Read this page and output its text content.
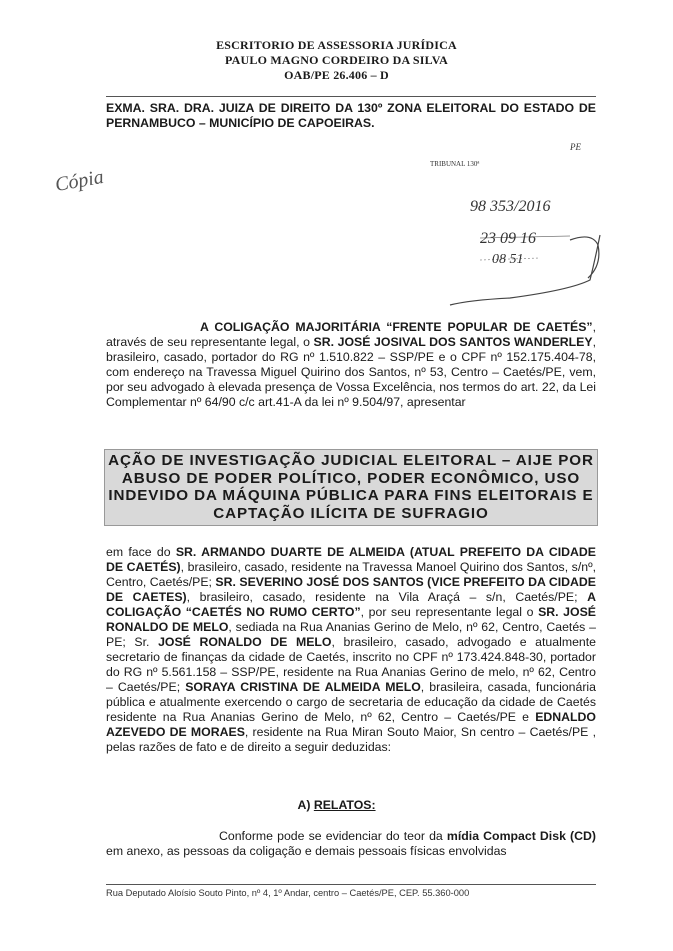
ESCRITORIO DE ASSESSORIA JURÍDICA
PAULO MAGNO CORDEIRO DA SILVA
OAB/PE 26.406 – D
EXMA. SRA. DRA. JUIZA DE DIREITO DA 130º ZONA ELEITORAL DO ESTADO DE PERNAMBUCO – MUNICÍPIO DE CAPOEIRAS.
Cópia
PE
TRIBUNAL 130ª
98 353/2016
23 09 16
08 51
A COLIGAÇÃO MAJORITÁRIA “FRENTE POPULAR DE CAETÉS”, através de seu representante legal, o SR. JOSÉ JOSIVAL DOS SANTOS WANDERLEY, brasileiro, casado, portador do RG nº 1.510.822 – SSP/PE e o CPF nº 152.175.404-78, com endereço na Travessa Miguel Quirino dos Santos, nº 53, Centro – Caetés/PE, vem, por seu advogado à elevada presença de Vossa Excelência, nos termos do art. 22, da Lei Complementar nº 64/90 c/c art.41-A da lei nº 9.504/97, apresentar
AÇÃO DE INVESTIGAÇÃO JUDICIAL ELEITORAL – AIJE POR ABUSO DE PODER POLÍTICO, PODER ECONÔMICO, USO INDEVIDO DA MÁQUINA PÚBLICA PARA FINS ELEITORAIS E CAPTAÇÃO ILÍCITA DE SUFRAGIO
em face do SR. ARMANDO DUARTE DE ALMEIDA (ATUAL PREFEITO DA CIDADE DE CAETÉS), brasileiro, casado, residente na Travessa Manoel Quirino dos Santos, s/nº, Centro, Caetés/PE; SR. SEVERINO JOSÉ DOS SANTOS (VICE PREFEITO DA CIDADE DE CAETES), brasileiro, casado, residente na Vila Araçá – s/n, Caetés/PE; A COLIGAÇÃO “CAETÉS NO RUMO CERTO”, por seu representante legal o SR. JOSÉ RONALDO DE MELO, sediada na Rua Ananias Gerino de Melo, nº 62, Centro, Caetés – PE; Sr. JOSÉ RONALDO DE MELO, brasileiro, casado, advogado e atualmente secretario de finanças da cidade de Caetés, inscrito no CPF nº 173.424.848-30, portador do RG nº 5.561.158 – SSP/PE, residente na Rua Ananias Gerino de melo, nº 62, Centro – Caetés/PE; SORAYA CRISTINA DE ALMEIDA MELO, brasileira, casada, funcionária pública e atualmente exercendo o cargo de secretaria de educação da cidade de Caetés residente na Rua Ananias Gerino de Melo, nº 62, Centro – Caetés/PE e EDNALDO AZEVEDO DE MORAES, residente na Rua Miran Souto Maior, Sn centro – Caetés/PE , pelas razões de fato e de direito a seguir deduzidas:
A) RELATOS:
Conforme pode se evidenciar do teor da mídia Compact Disk (CD) em anexo, as pessoas da coligação e demais pessoais físicas envolvidas
Rua Deputado Aloísio Souto Pinto, nº 4, 1º Andar, centro – Caetés/PE, CEP. 55.360-000
